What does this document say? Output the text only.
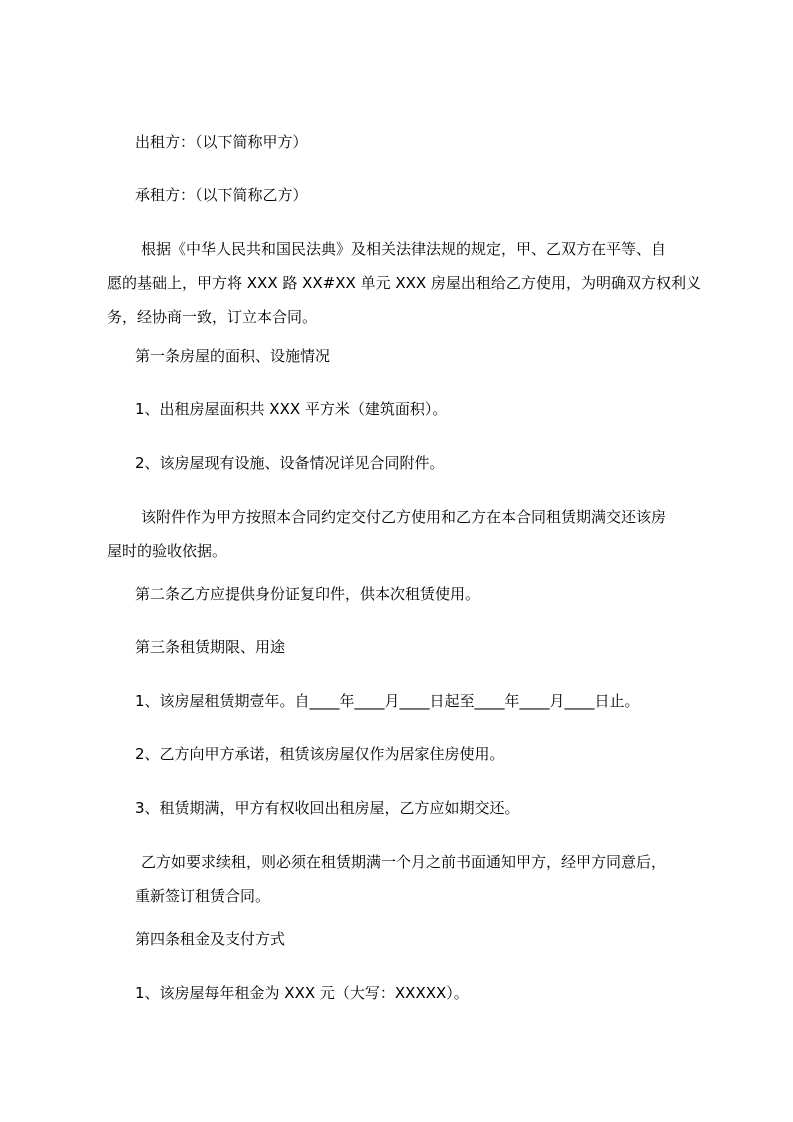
出租方：（以下简称甲方）

承租方：（以下简称乙方）

根据《中华人民共和国民法典》及相关法律法规的规定，甲、乙双方在平等、自
愿的基础上，甲方将 XXX 路 XX#XX 单元 XXX 房屋出租给乙方使用，为明确双方权利义
务，经协商一致，订立本合同。

第一条房屋的面积、设施情况

1、出租房屋面积共 XXX 平方米（建筑面积）。

2、该房屋现有设施、设备情况详见合同附件。

该附件作为甲方按照本合同约定交付乙方使用和乙方在本合同租赁期满交还该房
屋时的验收依据。

第二条乙方应提供身份证复印件，供本次租赁使用。

第三条租赁期限、用途

1、该房屋租赁期壹年。自____年____月____日起至____年____月____日止。

2、乙方向甲方承诺，租赁该房屋仅作为居家住房使用。

3、租赁期满，甲方有权收回出租房屋，乙方应如期交还。

乙方如要求续租，则必须在租赁期满一个月之前书面通知甲方，经甲方同意后，
重新签订租赁合同。

第四条租金及支付方式

1、该房屋每年租金为 XXX 元（大写：XXXXX）。
